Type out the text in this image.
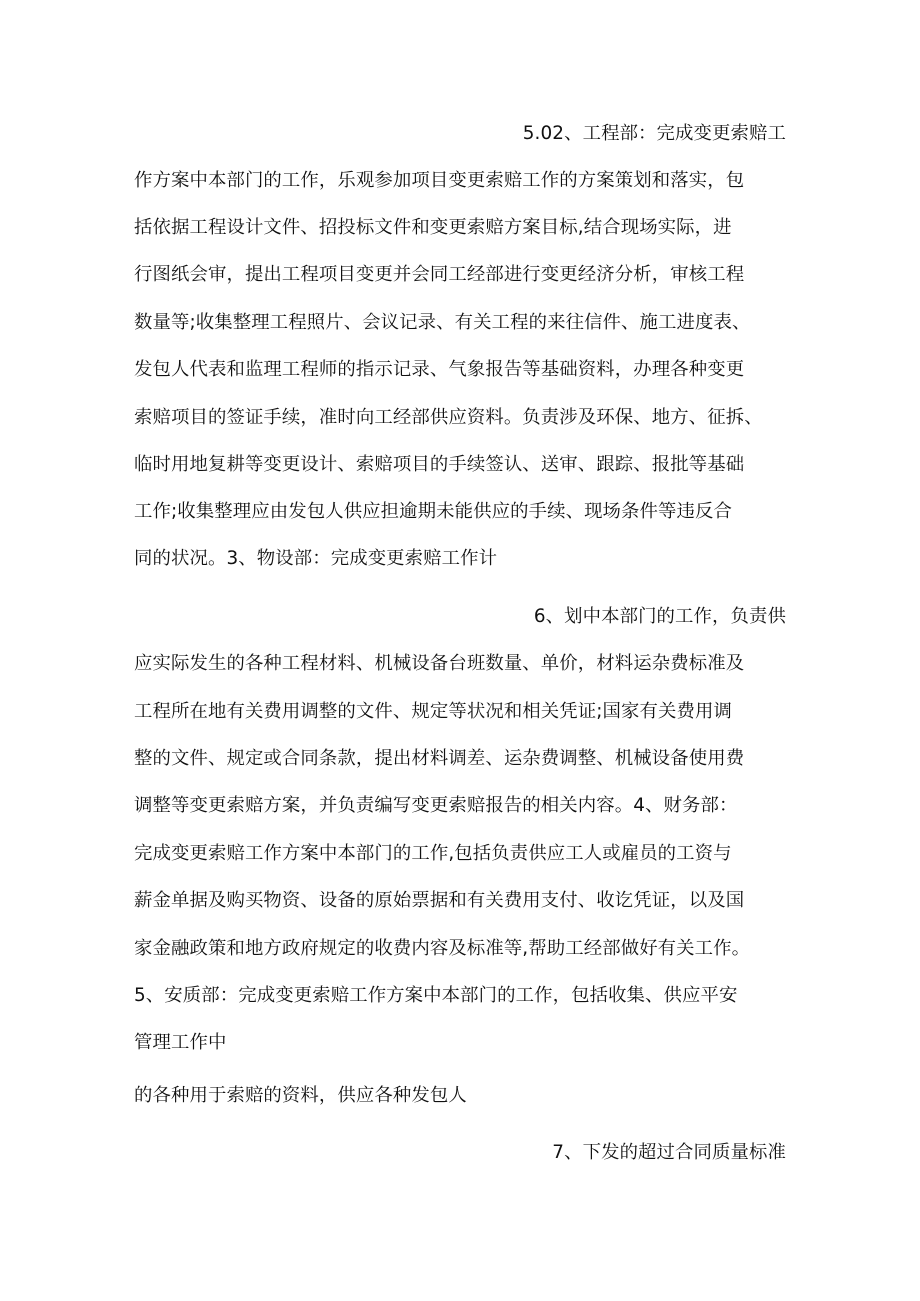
5.02、工程部：完成变更索赔工
作方案中本部门的工作，乐观参加项目变更索赔工作的方案策划和落实，包
括依据工程设计文件、招投标文件和变更索赔方案目标,结合现场实际，进
行图纸会审，提出工程项目变更并会同工经部进行变更经济分析，审核工程
数量等;收集整理工程照片、会议记录、有关工程的来往信件、施工进度表、
发包人代表和监理工程师的指示记录、气象报告等基础资料，办理各种变更
索赔项目的签证手续，准时向工经部供应资料。负责涉及环保、地方、征拆、
临时用地复耕等变更设计、索赔项目的手续签认、送审、跟踪、报批等基础
工作;收集整理应由发包人供应担逾期未能供应的手续、现场条件等违反合
同的状况。3、物设部：完成变更索赔工作计
6、划中本部门的工作，负责供
应实际发生的各种工程材料、机械设备台班数量、单价，材料运杂费标准及
工程所在地有关费用调整的文件、规定等状况和相关凭证;国家有关费用调
整的文件、规定或合同条款，提出材料调差、运杂费调整、机械设备使用费
调整等变更索赔方案，并负责编写变更索赔报告的相关内容。4、财务部：
完成变更索赔工作方案中本部门的工作,包括负责供应工人或雇员的工资与
薪金单据及购买物资、设备的原始票据和有关费用支付、收讫凭证，以及国
家金融政策和地方政府规定的收费内容及标准等,帮助工经部做好有关工作。
5、安质部：完成变更索赔工作方案中本部门的工作，包括收集、供应平安
管理工作中
的各种用于索赔的资料，供应各种发包人
7、下发的超过合同质量标准
